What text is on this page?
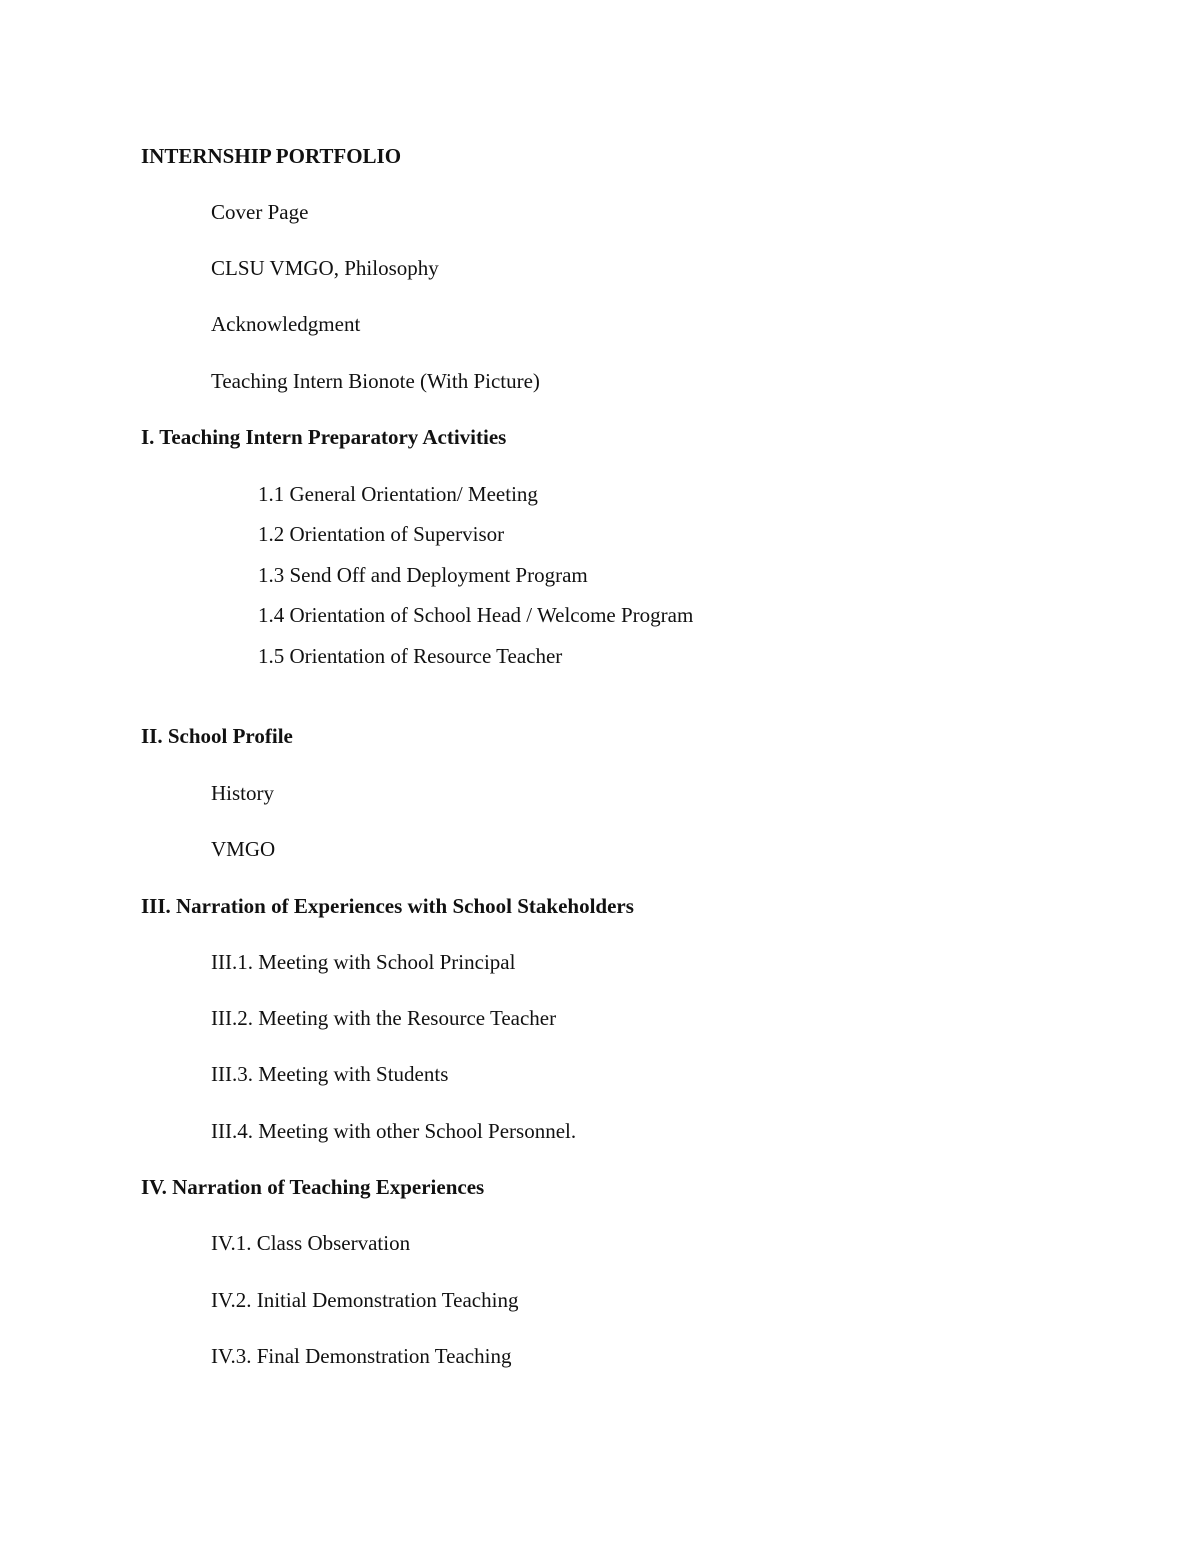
INTERNSHIP PORTFOLIO
Cover Page
CLSU VMGO, Philosophy
Acknowledgment
Teaching Intern Bionote (With Picture)
I. Teaching Intern Preparatory Activities
1.1 General Orientation/ Meeting
1.2 Orientation of Supervisor
1.3 Send Off and Deployment Program
1.4 Orientation of School Head / Welcome Program
1.5 Orientation of Resource Teacher
II. School Profile
History
VMGO
III. Narration of Experiences with School Stakeholders
III.1. Meeting with School Principal
III.2. Meeting with the Resource Teacher
III.3. Meeting with Students
III.4. Meeting with other School Personnel.
IV. Narration of Teaching Experiences
IV.1. Class Observation
IV.2. Initial Demonstration Teaching
IV.3. Final Demonstration Teaching
